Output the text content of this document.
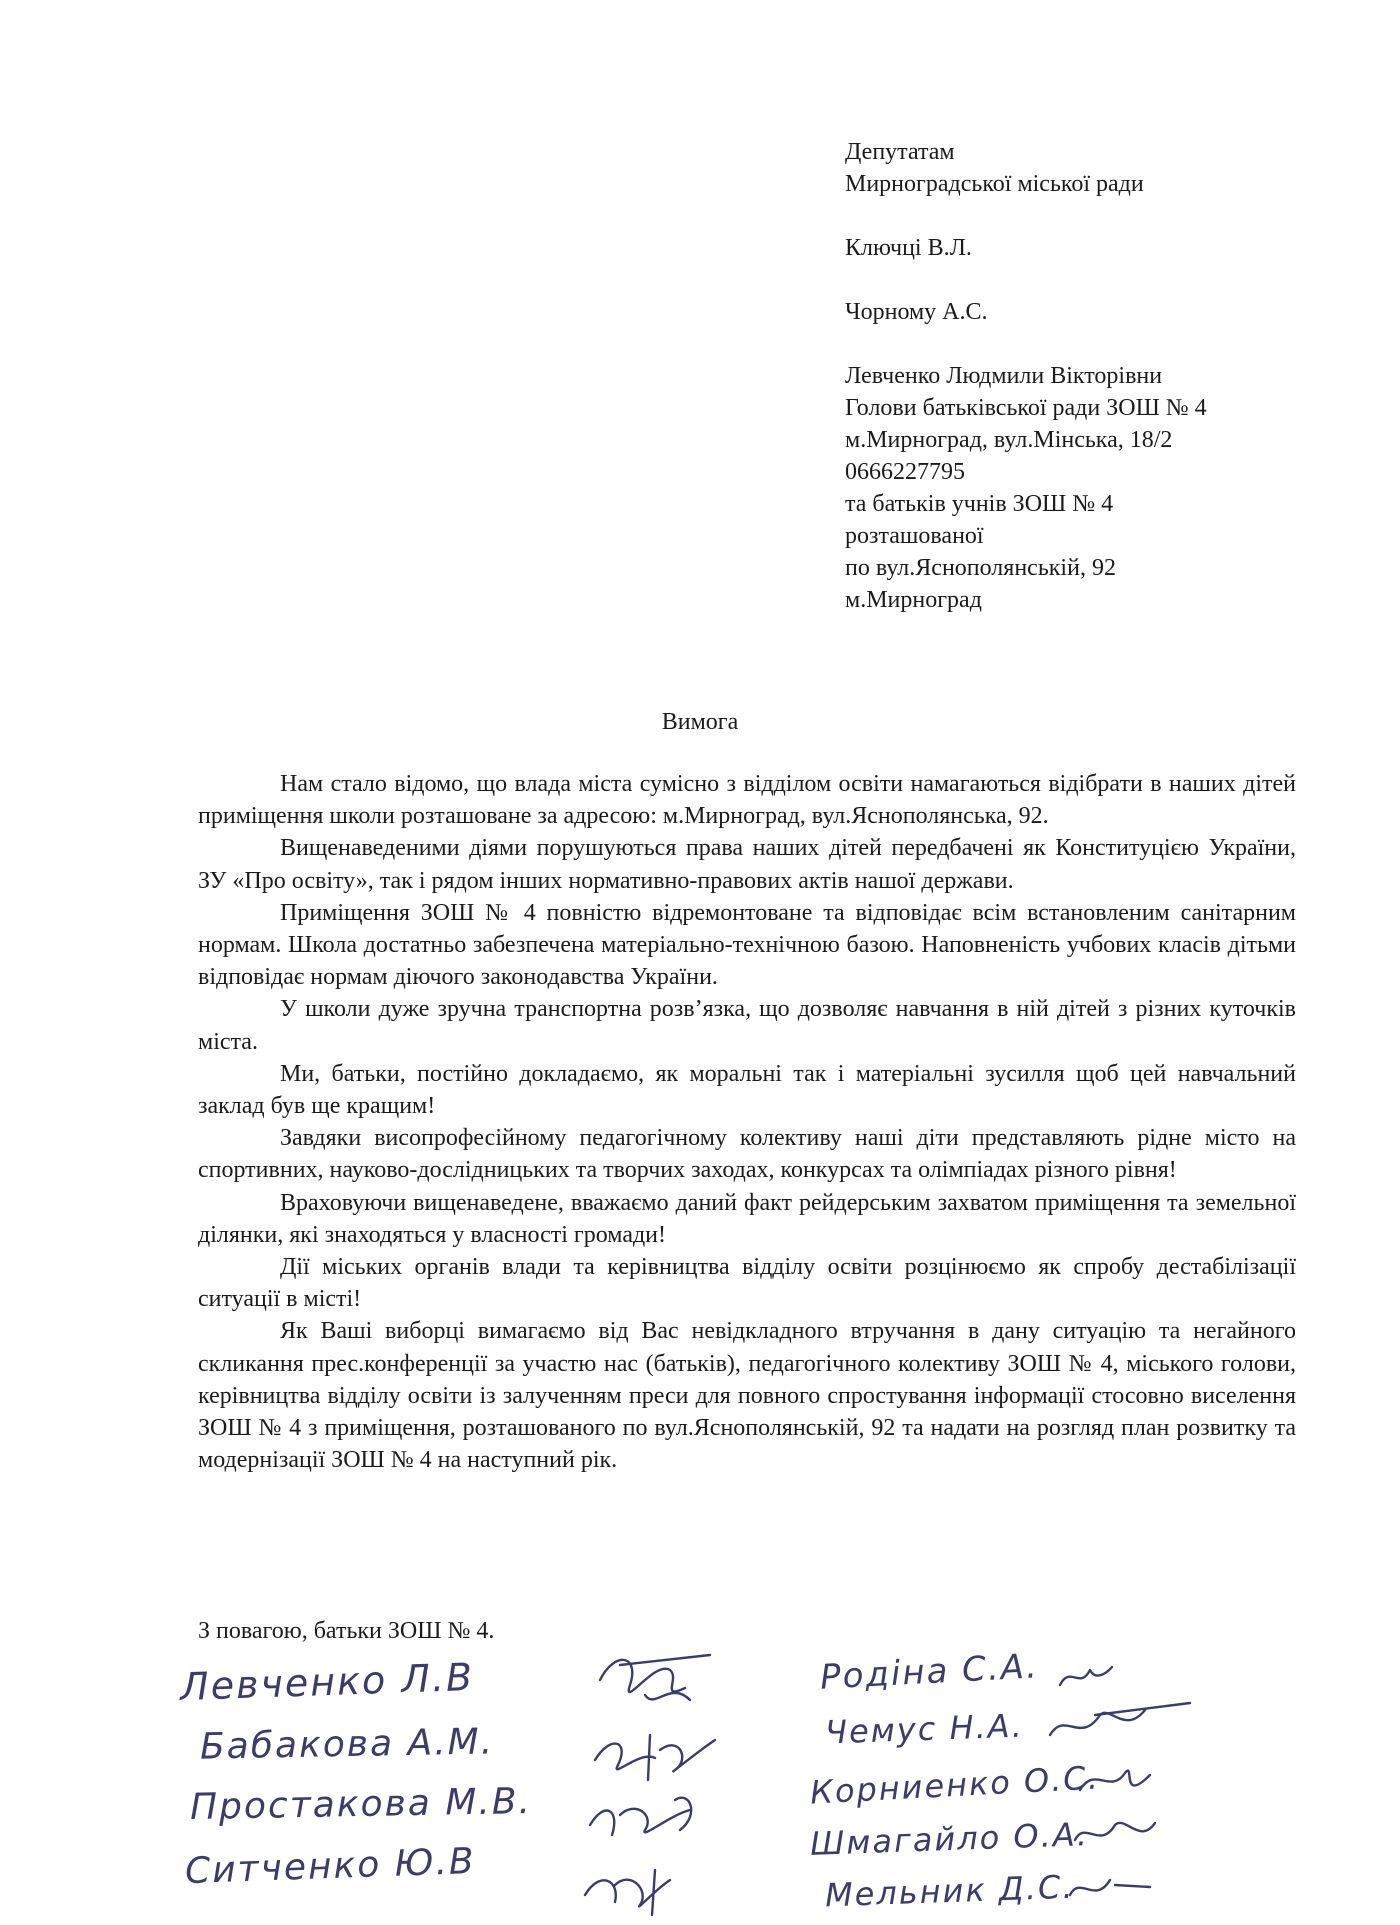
Депутатам
Мирноградської міської ради
Ключці В.Л.
Чорному А.С.
Левченко Людмили Вікторівни
Голови батьківської ради ЗОШ № 4
м.Мирноград, вул.Мінська, 18/2
0666227795
та батьків учнів ЗОШ № 4
розташованої
по вул.Яснополянській, 92
м.Мирноград
Вимога

Нам стало відомо, що влада міста сумісно з відділом освіти намагаються відібрати в наших дітей приміщення школи розташоване за адресою: м.Мирноград, вул.Яснополянська, 92.

Вищенаведеними діями порушуються права наших дітей передбачені як Конституцією України, ЗУ «Про освіту», так і рядом інших нормативно-правових актів нашої держави.

Приміщення ЗОШ № 4 повністю відремонтоване та відповідає всім встановленим санітарним нормам. Школа достатньо забезпечена матеріально-технічною базою. Наповненість учбових класів дітьми відповідає нормам діючого законодавства України.

У школи дуже зручна транспортна розв’язка, що дозволяє навчання в ній дітей з різних куточків міста.

Ми, батьки, постійно докладаємо, як моральні так і матеріальні зусилля щоб цей навчальний заклад був ще кращим!

Завдяки висопрофесійному педагогічному колективу наші діти представляють рідне місто на спортивних, науково-дослідницьких та творчих заходах, конкурсах та олімпіадах різного рівня!

Враховуючи вищенаведене, вважаємо даний факт рейдерським захватом приміщення та земельної ділянки, які знаходяться у власності громади!

Дії міських органів влади та керівництва відділу освіти розцінюємо як спробу дестабілізації ситуації в місті!

Як Ваші виборці вимагаємо від Вас невідкладного втручання в дану ситуацію та негайного скликання прес.конференції за участю нас (батьків), педагогічного колективу ЗОШ № 4, міського голови, керівництва відділу освіти із залученням преси для повного спростування інформації стосовно виселення ЗОШ № 4 з приміщення, розташованого по вул.Яснополянській, 92 та надати на розгляд план розвитку та модернізації ЗОШ № 4 на наступний рік.

З повагою, батьки ЗОШ № 4.
Левченко Л.В
Бабакова А.М.
Простакова М.В.
Ситченко Ю.В
Родіна С.А.
Чемус Н.А.
Корниенко О.С.
Шмагайло О.А.
Мельник Д.С.
